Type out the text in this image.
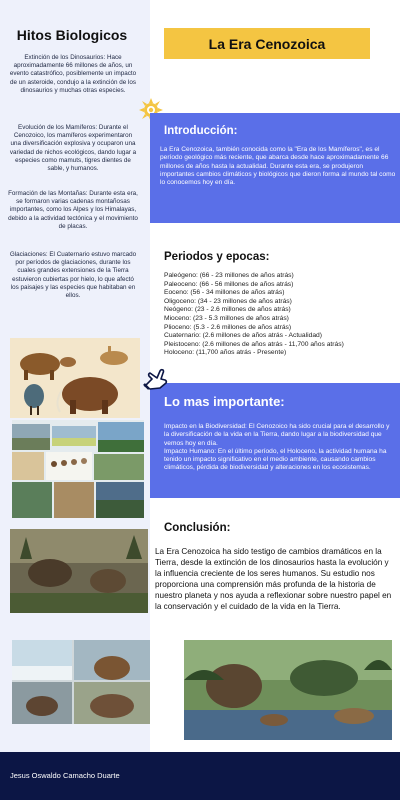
Hitos Biologicos

Extinción de los Dinosaurios: Hace aproximadamente 66 millones de años, un evento catastrófico, posiblemente un impacto de un asteroide, condujo a la extinción de los dinosaurios y muchas otras especies.

Evolución de los Mamíferos: Durante el Cenozoico, los mamíferos experimentaron una diversificación explosiva y ocuparon una variedad de nichos ecológicos, dando lugar a especies como mamuts, tigres dientes de sable, y humanos.

Formación de las Montañas: Durante esta era, se formaron varias cadenas montañosas importantes, como los Alpes y los Himalayas, debido a la actividad tectónica y el movimiento de placas.

Glaciaciones: El Cuaternario estuvo marcado por períodos de glaciaciones, durante los cuales grandes extensiones de la Tierra estuvieron cubiertas por hielo, lo que afectó los paisajes y las especies que habitaban en ellos.

La Era Cenozoica
Introducción:

La Era Cenozoica, también conocida como la "Era de los Mamíferos", es el período geológico más reciente, que abarca desde hace aproximadamente 66 millones de años hasta la actualidad. Durante esta era, se produjeron importantes cambios climáticos y biológicos que dieron forma al mundo tal como lo conocemos hoy en día.

Periodos y epocas:
Paleógeno: (66 - 23 millones de años atrás)
Paleoceno: (66 - 56 millones de años atrás)
Eoceno: (56 - 34 millones de años atrás)
Oligoceno: (34 - 23 millones de años atrás)
Neógeno: (23 - 2.6 millones de años atrás)
Mioceno: (23 - 5.3 millones de años atrás)
Plioceno: (5.3 - 2.6 millones de años atrás)
Cuaternario: (2.6 millones de años atrás - Actualidad)
Pleistoceno: (2.6 millones de años atrás - 11,700 años atrás)
Holoceno: (11,700 años atrás - Presente)
Lo mas importante:

Impacto en la Biodiversidad: El Cenozoico ha sido crucial para el desarrollo y la diversificación de la vida en la Tierra, dando lugar a la biodiversidad que vemos hoy en día.

Impacto Humano: En el último período, el Holoceno, la actividad humana ha tenido un impacto significativo en el medio ambiente, causando cambios climáticos, pérdida de biodiversidad y alteraciones en los ecosistemas.

Conclusión:

La Era Cenozoica ha sido testigo de cambios dramáticos en la Tierra, desde la extinción de los dinosaurios hasta la evolución y la influencia creciente de los seres humanos. Su estudio nos proporciona una comprensión más profunda de la historia de nuestro planeta y nos ayuda a reflexionar sobre nuestro papel en la conservación y el cuidado de la vida en la Tierra.

Jesus Oswaldo Camacho Duarte
